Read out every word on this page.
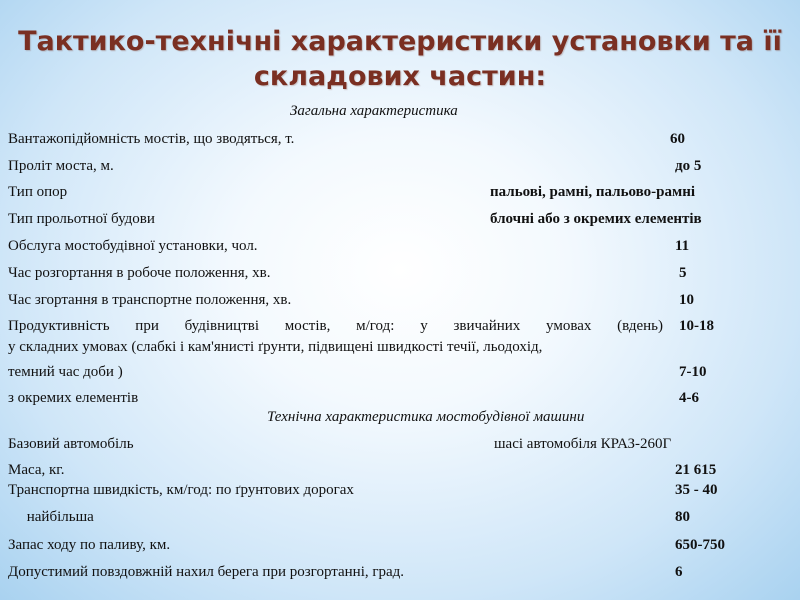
Тактико-технічні характеристики установки та її
складових частин:
Загальна характеристика
Вантажопідйомність мостів, що зводяться, т.	60
Проліт моста, м.	до 5
Тип опор	пальові, рамні, пальово-рамні
Тип прольотної будови	блочні або з окремих елементів
Обслуга мостобудівної установки, чол.	11
Час розгортання в робоче положення, хв.	5
Час згортання в транспортне положення, хв.	10
Продуктивність при будівництві мостів, м/год: у звичайних умовах (вдень) 10-18
у складних умовах (слабкі і кам'янисті ґрунти, підвищені швидкості течії, льодохід,
темний час доби )	7-10
з окремих елементів	4-6
Технічна характеристика мостобудівної машини
Базовий автомобіль	шасі автомобіля КРАЗ-260Г
Маса, кг.	21 615
Транспортна швидкість, км/год: по ґрунтових дорогах	35 - 40
найбільша	80
Запас ходу по паливу, км.	650-750
Допустимий повздовжній нахил берега при розгортанні, град.	6
